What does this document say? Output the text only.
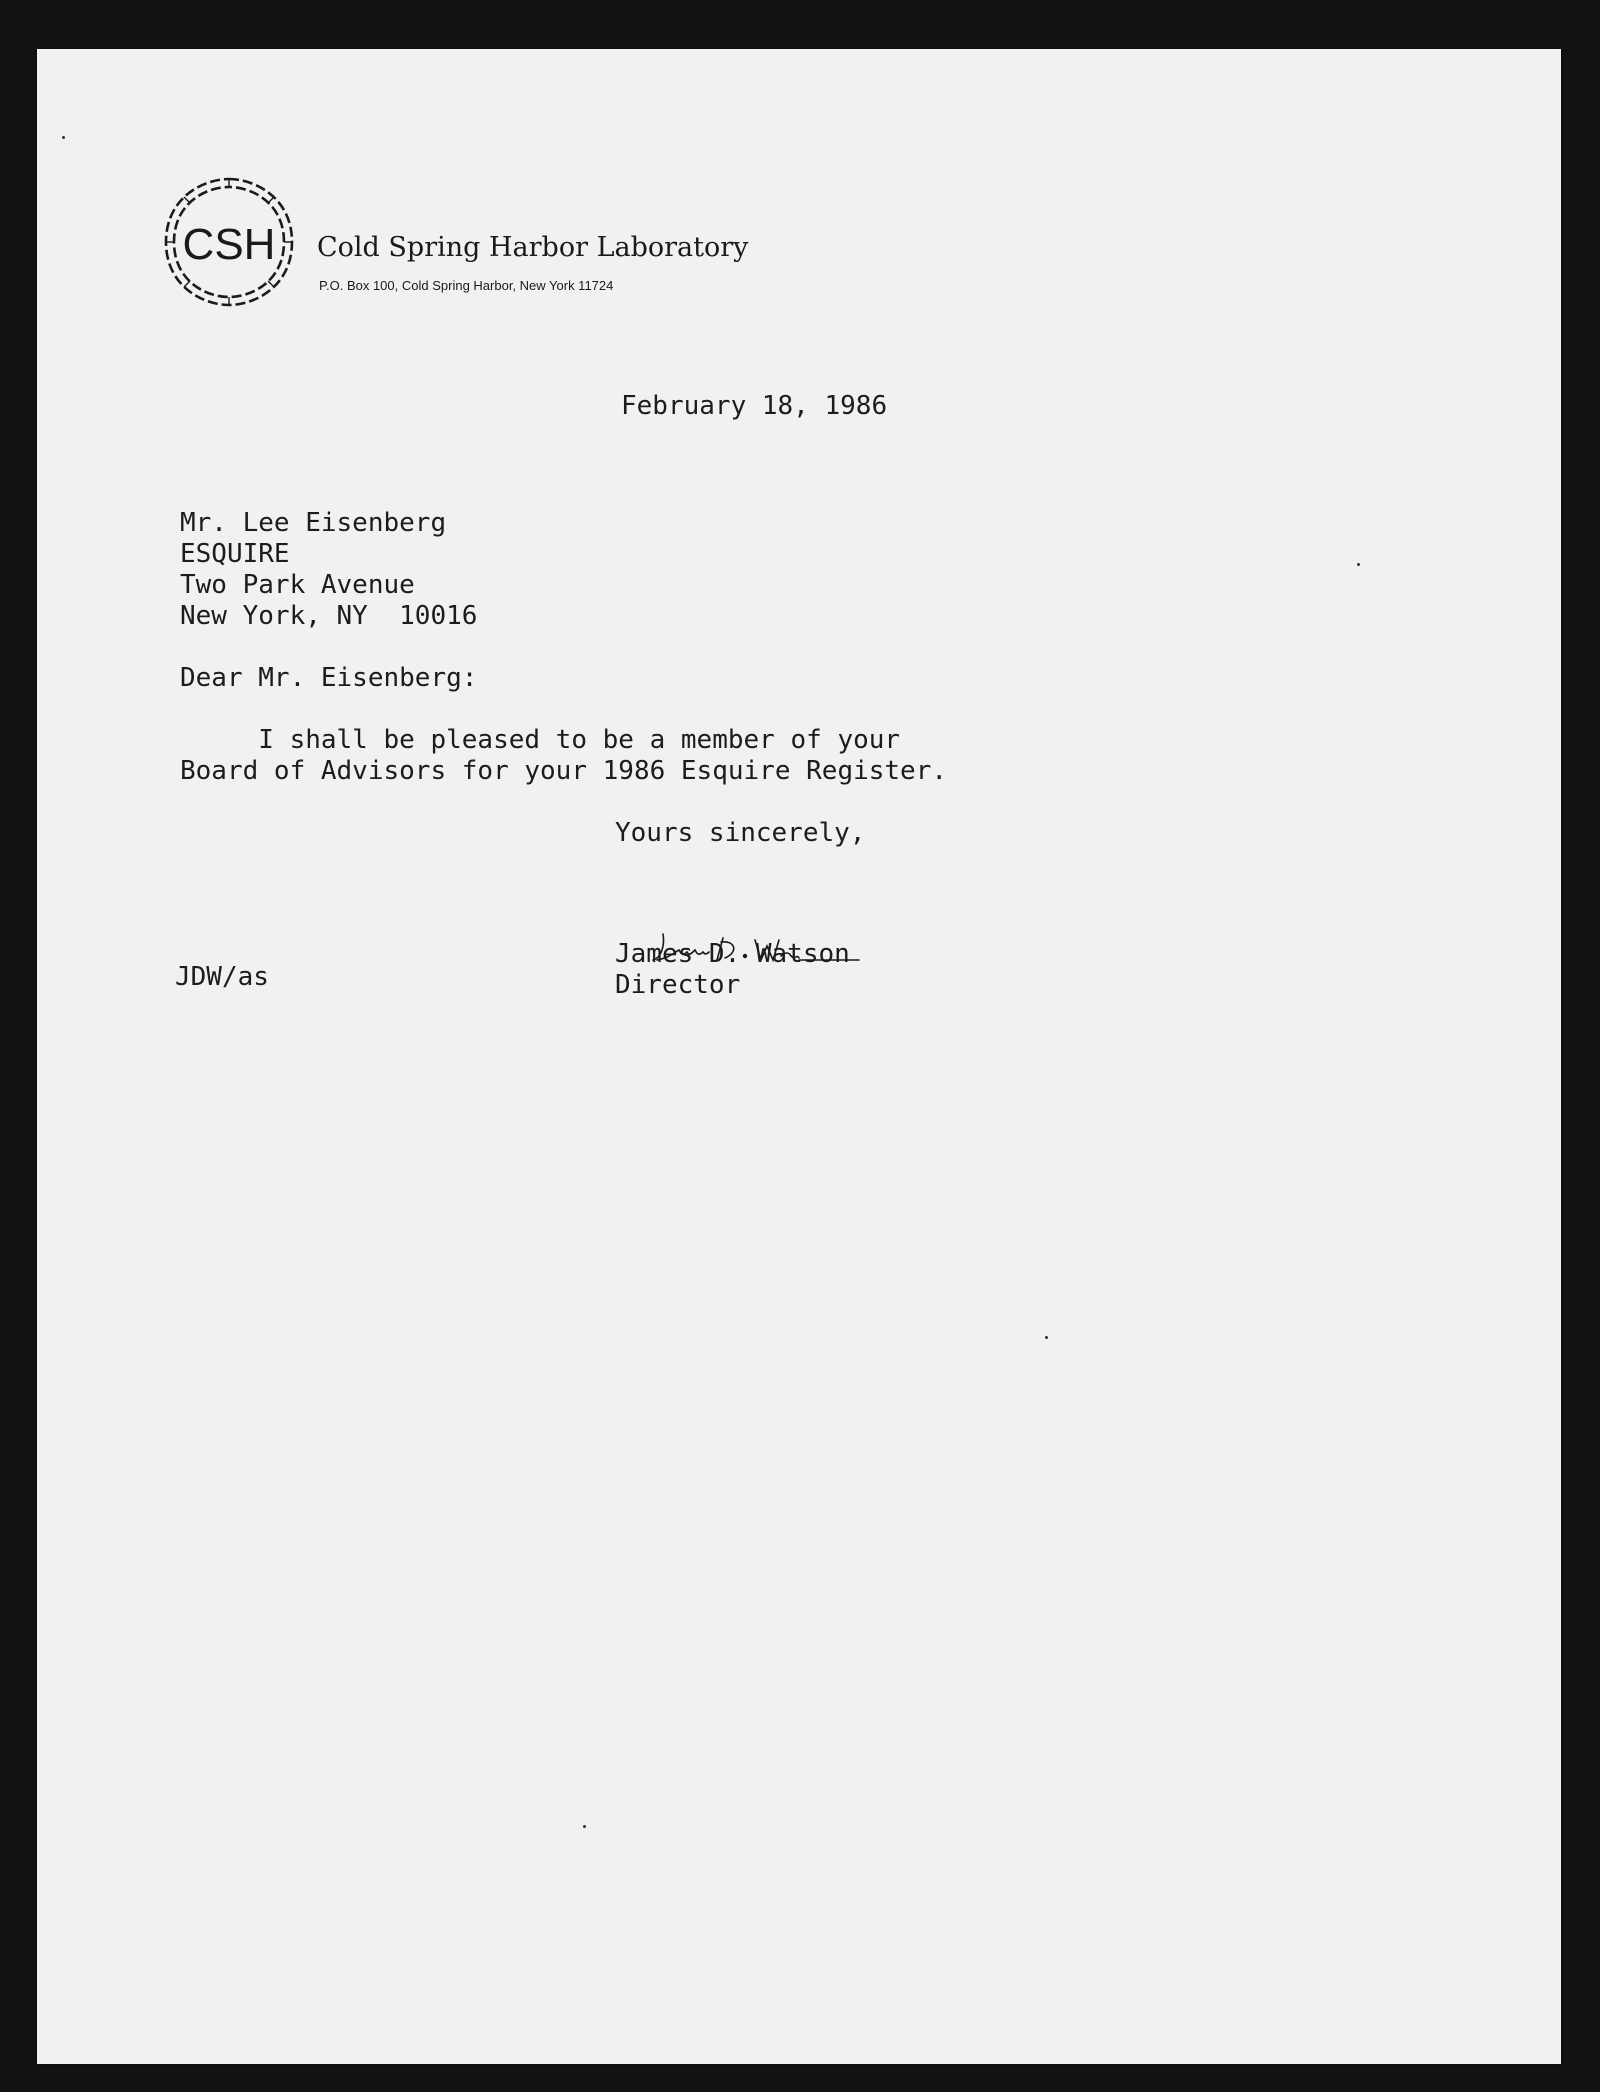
CSH Cold Spring Harbor Laboratory
P.O. Box 100, Cold Spring Harbor, New York 11724
February 18, 1986
Mr. Lee Eisenberg
ESQUIRE
Two Park Avenue
New York, NY  10016
Dear Mr. Eisenberg:
I shall be pleased to be a member of your
Board of Advisors for your 1986 Esquire Register.
Yours sincerely,
James D. Watson
Director
JDW/as
